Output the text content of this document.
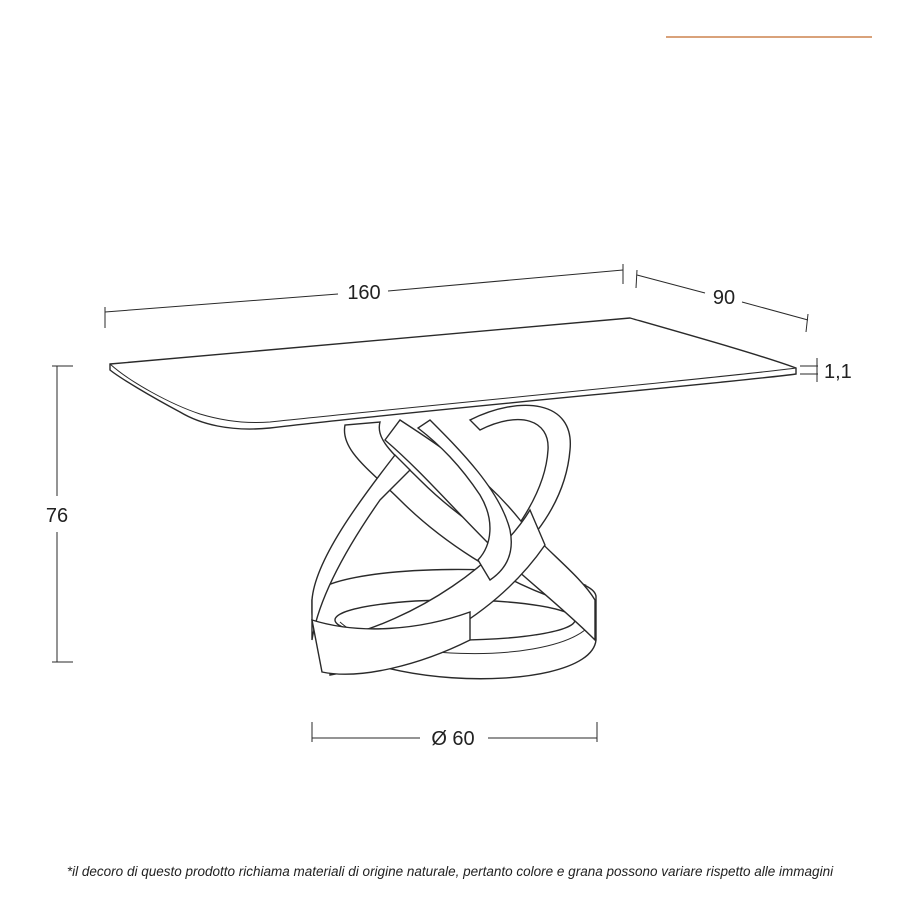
160	90
1,1
76
Ø 60
*il decoro di questo prodotto richiama materiali di origine naturale, pertanto colore e grana possono variare rispetto alle immagini
